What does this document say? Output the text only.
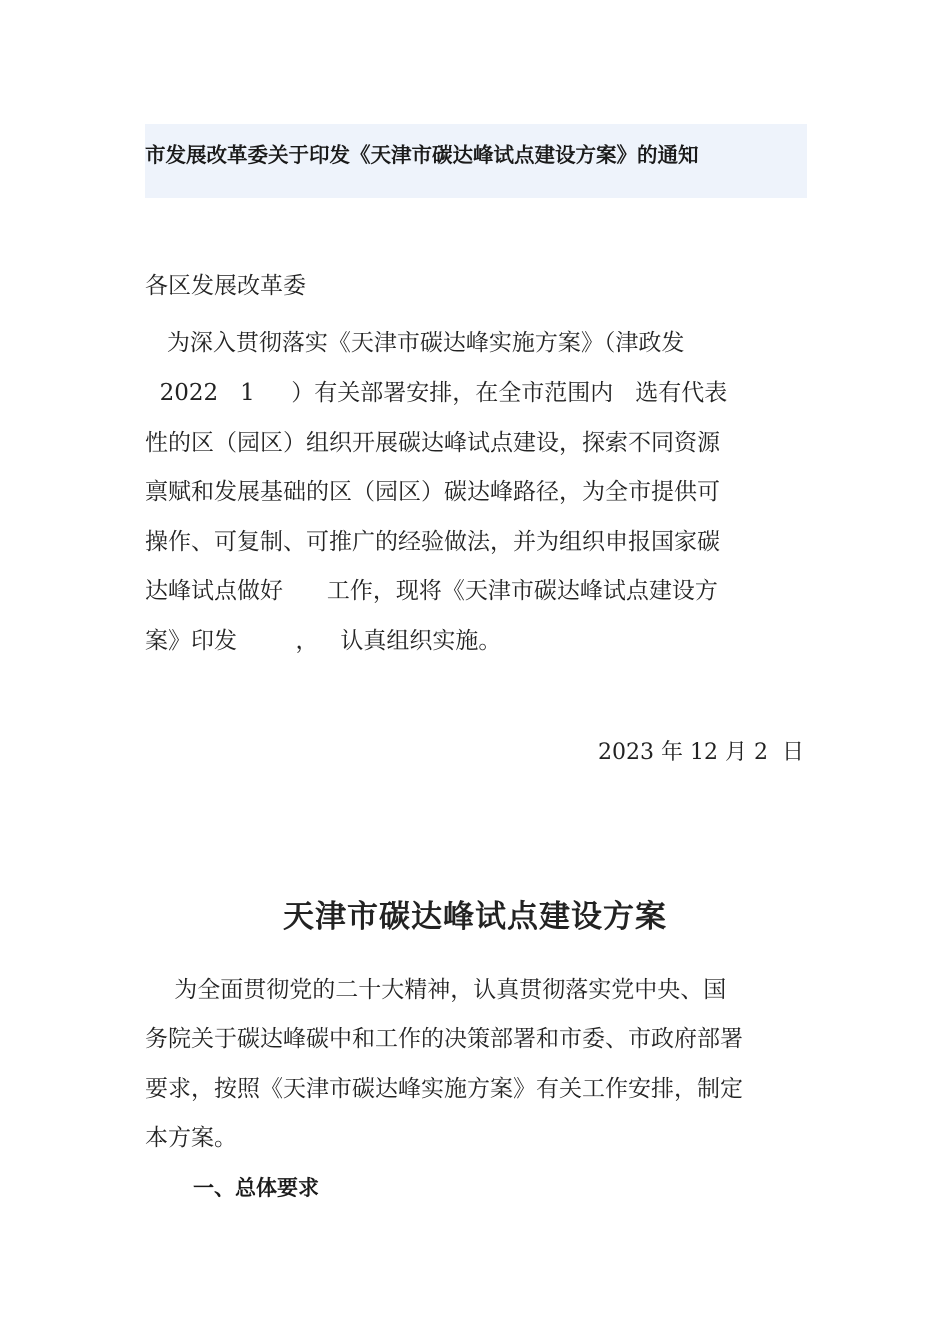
市发展改革委关于印发《天津市碳达峰试点建设方案》的通知
各区发展改革委
为深入贯彻落实《天津市碳达峰实施方案》（津政发
2022   1     ）有关部署安排，在全市范围内   选有代表
性的区（园区）组织开展碳达峰试点建设，探索不同资源
禀赋和发展基础的区（园区）碳达峰路径，为全市提供可
操作、可复制、可推广的经验做法，并为组织申报国家碳
达峰试点做好      工作，现将《天津市碳达峰试点建设方
案》印发        ，   认真组织实施。
2023 年 12 月 2  日
天津市碳达峰试点建设方案
为全面贯彻党的二十大精神，认真贯彻落实党中央、国
务院关于碳达峰碳中和工作的决策部署和市委、市政府部署
要求，按照《天津市碳达峰实施方案》有关工作安排，制定
本方案。
一、总体要求
